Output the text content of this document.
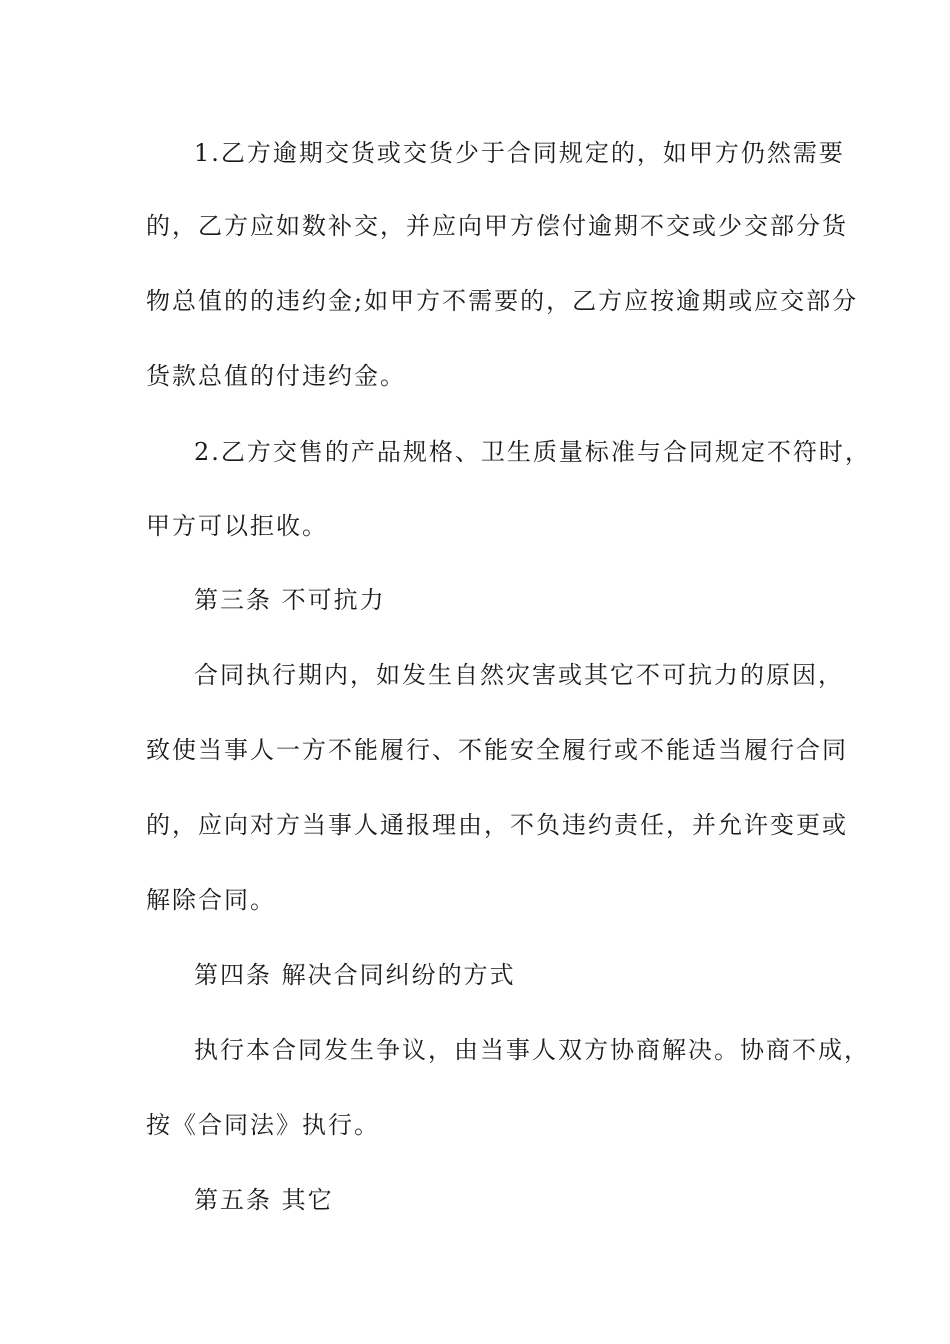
1.乙方逾期交货或交货少于合同规定的，如甲方仍然需要
的，乙方应如数补交，并应向甲方偿付逾期不交或少交部分货
物总值的的违约金;如甲方不需要的，乙方应按逾期或应交部分
货款总值的付违约金。
2.乙方交售的产品规格、卫生质量标准与合同规定不符时，
甲方可以拒收。
第三条 不可抗力
合同执行期内，如发生自然灾害或其它不可抗力的原因，
致使当事人一方不能履行、不能安全履行或不能适当履行合同
的，应向对方当事人通报理由，不负违约责任，并允许变更或
解除合同。
第四条 解决合同纠纷的方式
执行本合同发生争议，由当事人双方协商解决。协商不成，
按《合同法》执行。
第五条 其它
